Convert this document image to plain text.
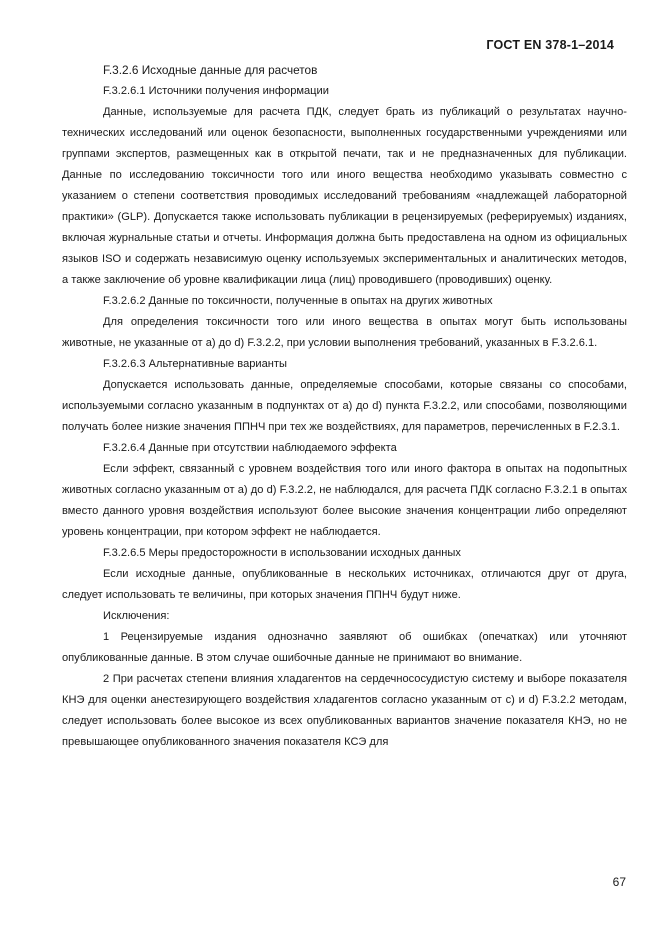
ГОСТ EN 378-1–2014
F.3.2.6 Исходные данные для расчетов
F.3.2.6.1 Источники получения информации

Данные, используемые для расчета ПДК, следует брать из публикаций о результатах научно-технических исследований или оценок безопасности, выполненных государственными учреждениями или группами экспертов, размещенных как в открытой печати, так и не предназначенных для публикации. Данные по исследованию токсичности того или иного вещества необходимо указывать совместно с указанием о степени соответствия проводимых исследований требованиям «надлежащей лабораторной практики» (GLP). Допускается также использовать публикации в рецензируемых (реферируемых) изданиях, включая журнальные статьи и отчеты. Информация должна быть предоставлена на одном из официальных языков ISO и содержать независимую оценку используемых экспериментальных и аналитических методов, а также заключение об уровне квалификации лица (лиц) проводившего (проводивших) оценку.

F.3.2.6.2 Данные по токсичности, полученные в опытах на других животных

Для определения токсичности того или иного вещества в опытах могут быть использованы животные, не указанные от а) до d) F.3.2.2, при условии выполнения требований, указанных в F.3.2.6.1.

F.3.2.6.3 Альтернативные варианты

Допускается использовать данные, определяемые способами, которые связаны со способами, используемыми согласно указанным в подпунктах от а) до d) пункта F.3.2.2, или способами, позволяющими получать более низкие значения ППНЧ при тех же воздействиях, для параметров, перечисленных в F.2.3.1.

F.3.2.6.4 Данные при отсутствии наблюдаемого эффекта

Если эффект, связанный с уровнем воздействия того или иного фактора в опытах на подопытных животных согласно указанным от а) до d) F.3.2.2, не наблюдался, для расчета ПДК согласно F.3.2.1 в опытах вместо данного уровня воздействия используют более высокие значения концентрации либо определяют уровень концентрации, при котором эффект не наблюдается.

F.3.2.6.5 Меры предосторожности в использовании исходных данных

Если исходные данные, опубликованные в нескольких источниках, отличаются друг от друга, следует использовать те величины, при которых значения ППНЧ будут ниже.

Исключения:

1 Рецензируемые издания однозначно заявляют об ошибках (опечатках) или уточняют опубликованные данные. В этом случае ошибочные данные не принимают во внимание.

2 При расчетах степени влияния хладагентов на сердечнососудистую систему и выборе показателя КНЭ для оценки анестезирующего воздействия хладагентов согласно указанным от с) и d) F.3.2.2 методам, следует использовать более высокое из всех опубликованных вариантов значение показателя КНЭ, но не превышающее опубликованного значения показателя КСЭ для

67
